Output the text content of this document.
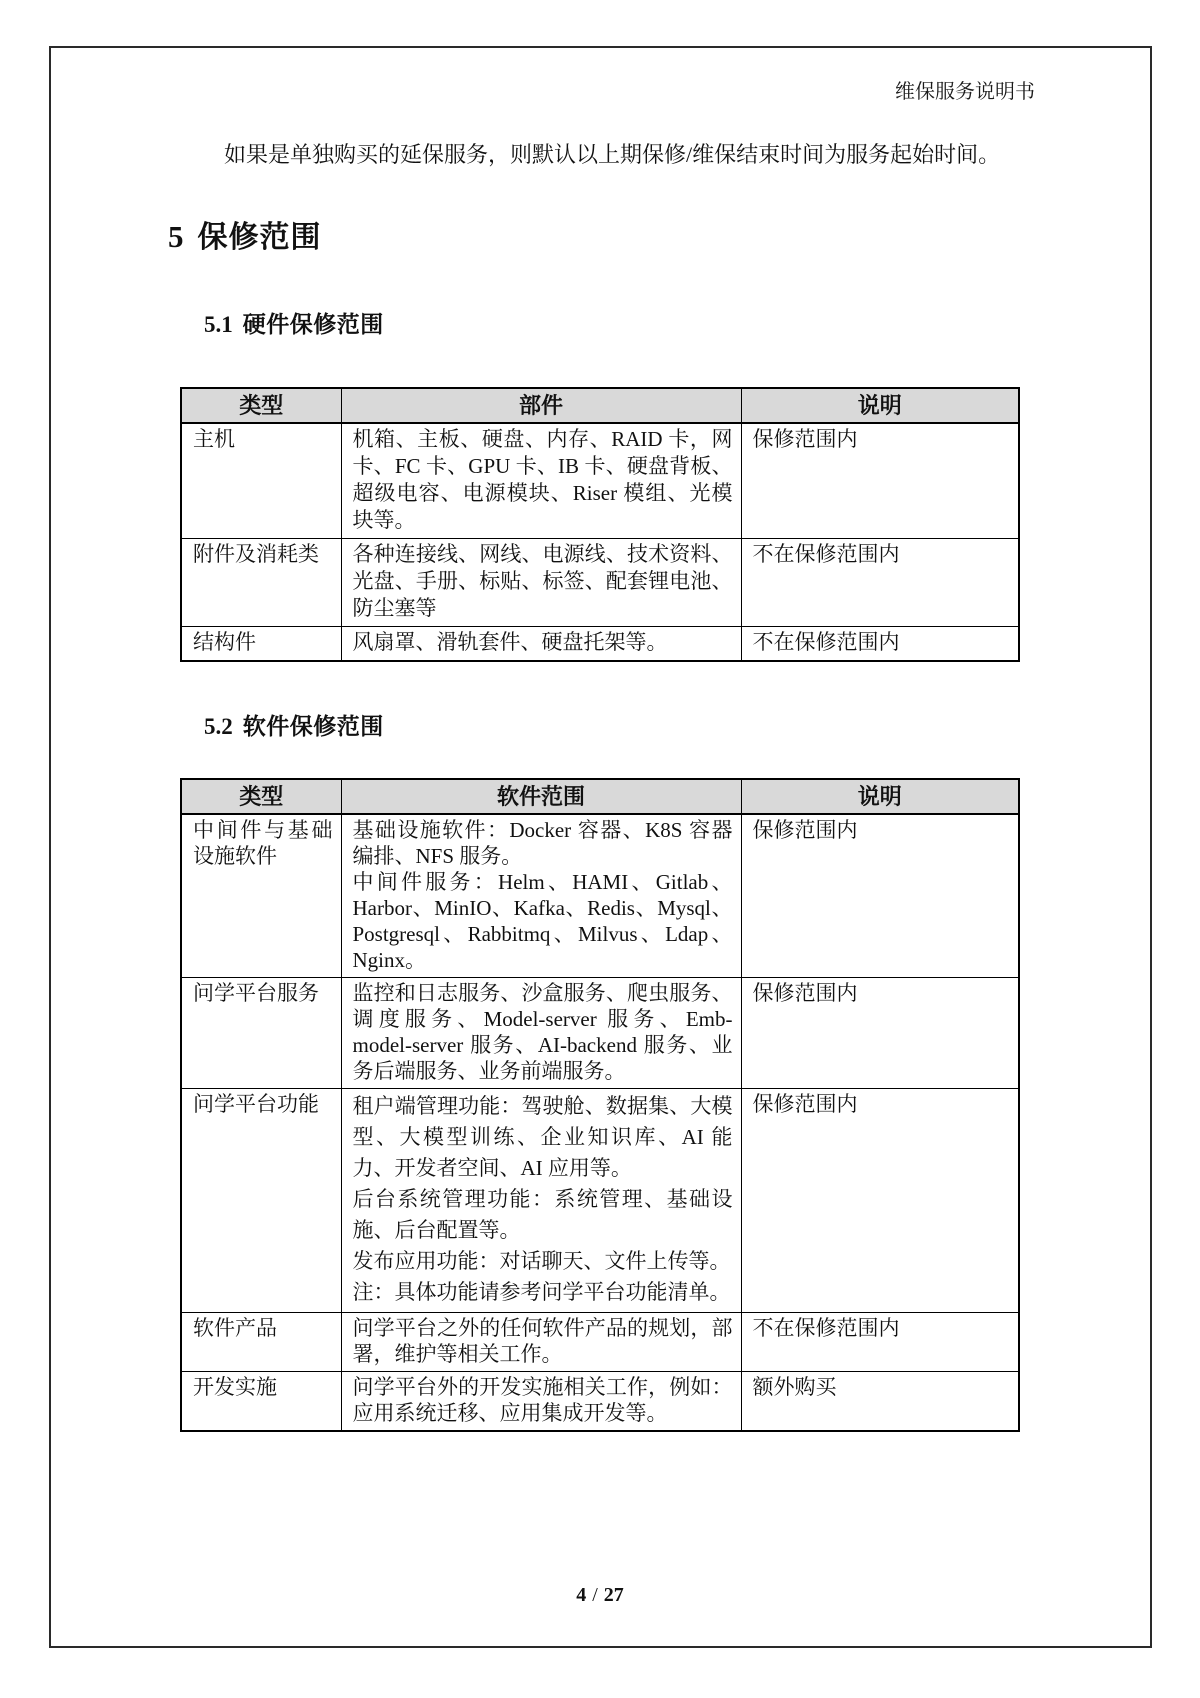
维保服务说明书

如果是单独购买的延保服务，则默认以上期保修/维保结束时间为服务起始时间。

5 保修范围
5.1 硬件保修范围
类型	部件	说明
主机	机箱、主板、硬盘、内存、RAID 卡，网卡、FC 卡、GPU 卡、IB 卡、硬盘背板、超级电容、电源模块、Riser 模组、光模块等。	保修范围内
附件及消耗类	各种连接线、网线、电源线、技术资料、光盘、手册、标贴、标签、配套锂电池、防尘塞等	不在保修范围内
结构件	风扇罩、滑轨套件、硬盘托架等。	不在保修范围内
5.2 软件保修范围
类型	软件范围	说明
中间件与基础设施软件	基础设施软件：Docker 容器、K8S 容器编排、NFS 服务。
中间件服务：Helm、HAMI、Gitlab、Harbor、MinIO、Kafka、Redis、Mysql、Postgresql、Rabbitmq、Milvus、Ldap、Nginx。	保修范围内
问学平台服务	监控和日志服务、沙盒服务、爬虫服务、调度服务、Model-server 服务、Emb-model-server 服务、AI-backend 服务、业务后端服务、业务前端服务。	保修范围内
问学平台功能	租户端管理功能：驾驶舱、数据集、大模型、大模型训练、企业知识库、AI 能力、开发者空间、AI 应用等。
后台系统管理功能：系统管理、基础设施、后台配置等。
发布应用功能：对话聊天、文件上传等。
注：具体功能请参考问学平台功能清单。	保修范围内
软件产品	问学平台之外的任何软件产品的规划，部署，维护等相关工作。	不在保修范围内
开发实施	问学平台外的开发实施相关工作，例如：应用系统迁移、应用集成开发等。	额外购买
4 / 27
